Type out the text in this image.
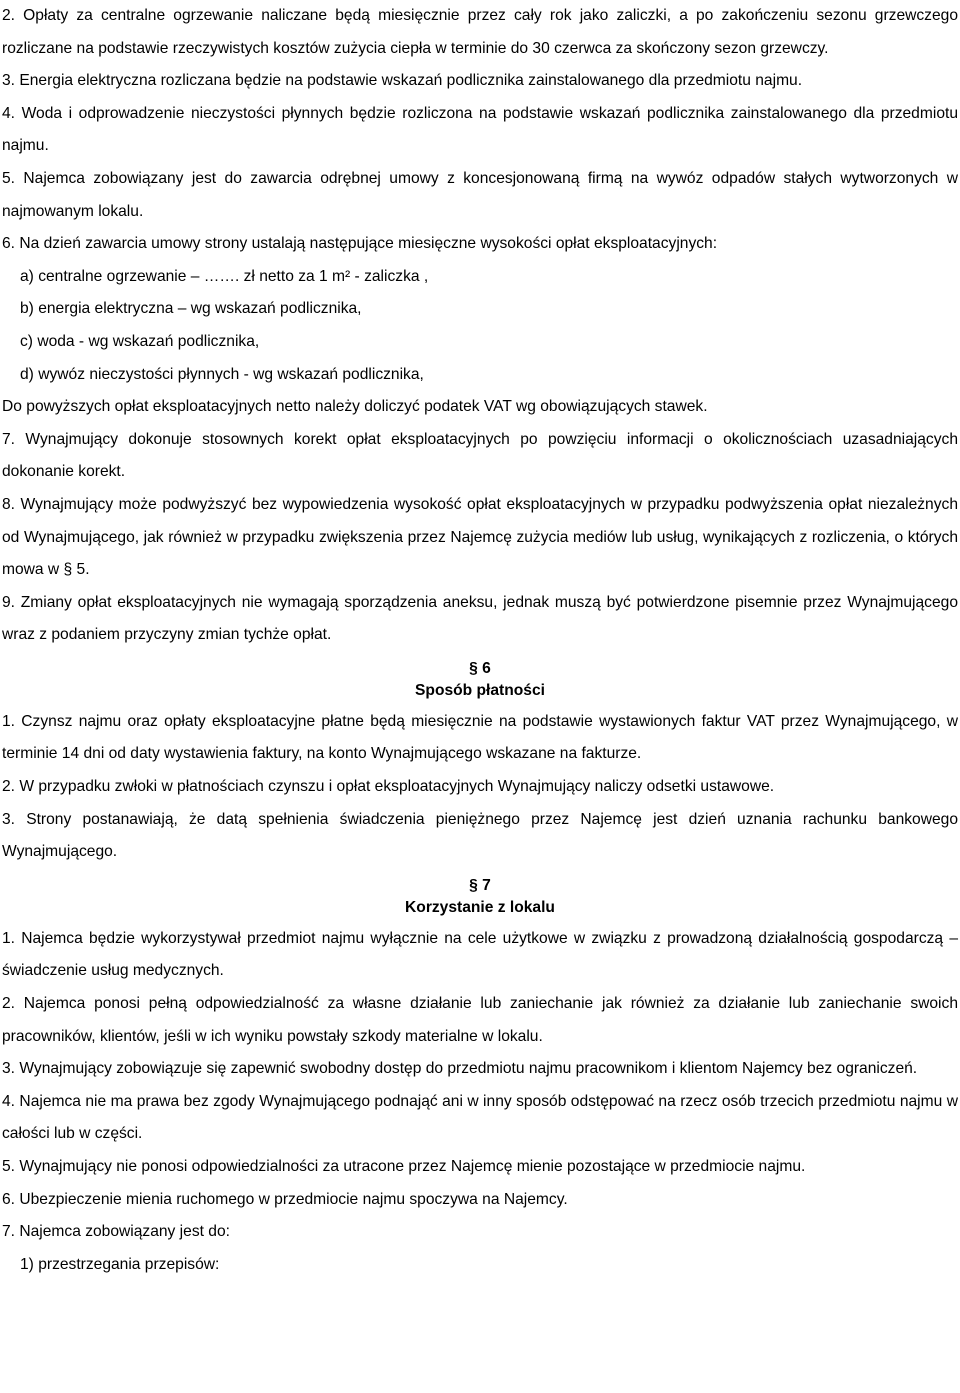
2. Opłaty za centralne ogrzewanie naliczane będą miesięcznie przez cały rok jako zaliczki, a po zakończeniu sezonu grzewczego rozliczane na podstawie rzeczywistych kosztów zużycia ciepła w terminie do 30 czerwca za skończony sezon grzewczy.
3. Energia elektryczna rozliczana będzie na podstawie wskazań podlicznika zainstalowanego dla przedmiotu najmu.
4. Woda i odprowadzenie nieczystości płynnych będzie rozliczona na podstawie wskazań podlicznika zainstalowanego dla przedmiotu najmu.
5. Najemca zobowiązany jest do zawarcia odrębnej umowy z koncesjonowaną firmą na wywóz odpadów stałych wytworzonych w najmowanym lokalu.
6. Na dzień zawarcia umowy strony ustalają następujące miesięczne wysokości opłat eksploatacyjnych:
a) centralne ogrzewanie – ……. zł netto za 1 m² - zaliczka ,
b) energia elektryczna – wg wskazań podlicznika,
c) woda - wg wskazań podlicznika,
d) wywóz nieczystości płynnych - wg wskazań podlicznika,
Do powyższych opłat eksploatacyjnych netto należy doliczyć podatek VAT wg obowiązujących stawek.
7. Wynajmujący dokonuje stosownych korekt opłat eksploatacyjnych po powzięciu informacji o okolicznościach uzasadniających dokonanie korekt.
8. Wynajmujący może podwyższyć bez wypowiedzenia wysokość opłat eksploatacyjnych w przypadku podwyższenia opłat niezależnych od Wynajmującego, jak również w przypadku zwiększenia przez Najemcę zużycia mediów lub usług, wynikających z rozliczenia, o których mowa w § 5.
9. Zmiany opłat eksploatacyjnych nie wymagają sporządzenia aneksu, jednak muszą być potwierdzone pisemnie przez Wynajmującego wraz z podaniem przyczyny zmian tychże opłat.
§ 6
Sposób płatności
1. Czynsz najmu oraz opłaty eksploatacyjne płatne będą miesięcznie na podstawie wystawionych faktur VAT przez Wynajmującego, w terminie 14 dni od daty wystawienia faktury, na konto Wynajmującego wskazane na fakturze.
2. W przypadku zwłoki w płatnościach czynszu i opłat eksploatacyjnych Wynajmujący naliczy odsetki ustawowe.
3. Strony postanawiają, że datą spełnienia świadczenia pieniężnego przez Najemcę jest dzień uznania rachunku bankowego Wynajmującego.
§ 7
Korzystanie z lokalu
1. Najemca będzie wykorzystywał przedmiot najmu wyłącznie na cele użytkowe w związku z prowadzoną działalnością gospodarczą – świadczenie usług medycznych.
2. Najemca ponosi pełną odpowiedzialność za własne działanie lub zaniechanie jak również za działanie lub zaniechanie swoich pracowników, klientów, jeśli w ich wyniku powstały szkody materialne w lokalu.
3. Wynajmujący zobowiązuje się zapewnić swobodny dostęp do przedmiotu najmu pracownikom i klientom Najemcy bez ograniczeń.
4. Najemca nie ma prawa bez zgody Wynajmującego podnająć ani w inny sposób odstępować na rzecz osób trzecich przedmiotu najmu w całości lub w części.
5. Wynajmujący nie ponosi odpowiedzialności za utracone przez Najemcę mienie pozostające w przedmiocie najmu.
6. Ubezpieczenie mienia ruchomego w przedmiocie najmu spoczywa na Najemcy.
7. Najemca zobowiązany jest do:
1) przestrzegania przepisów:
